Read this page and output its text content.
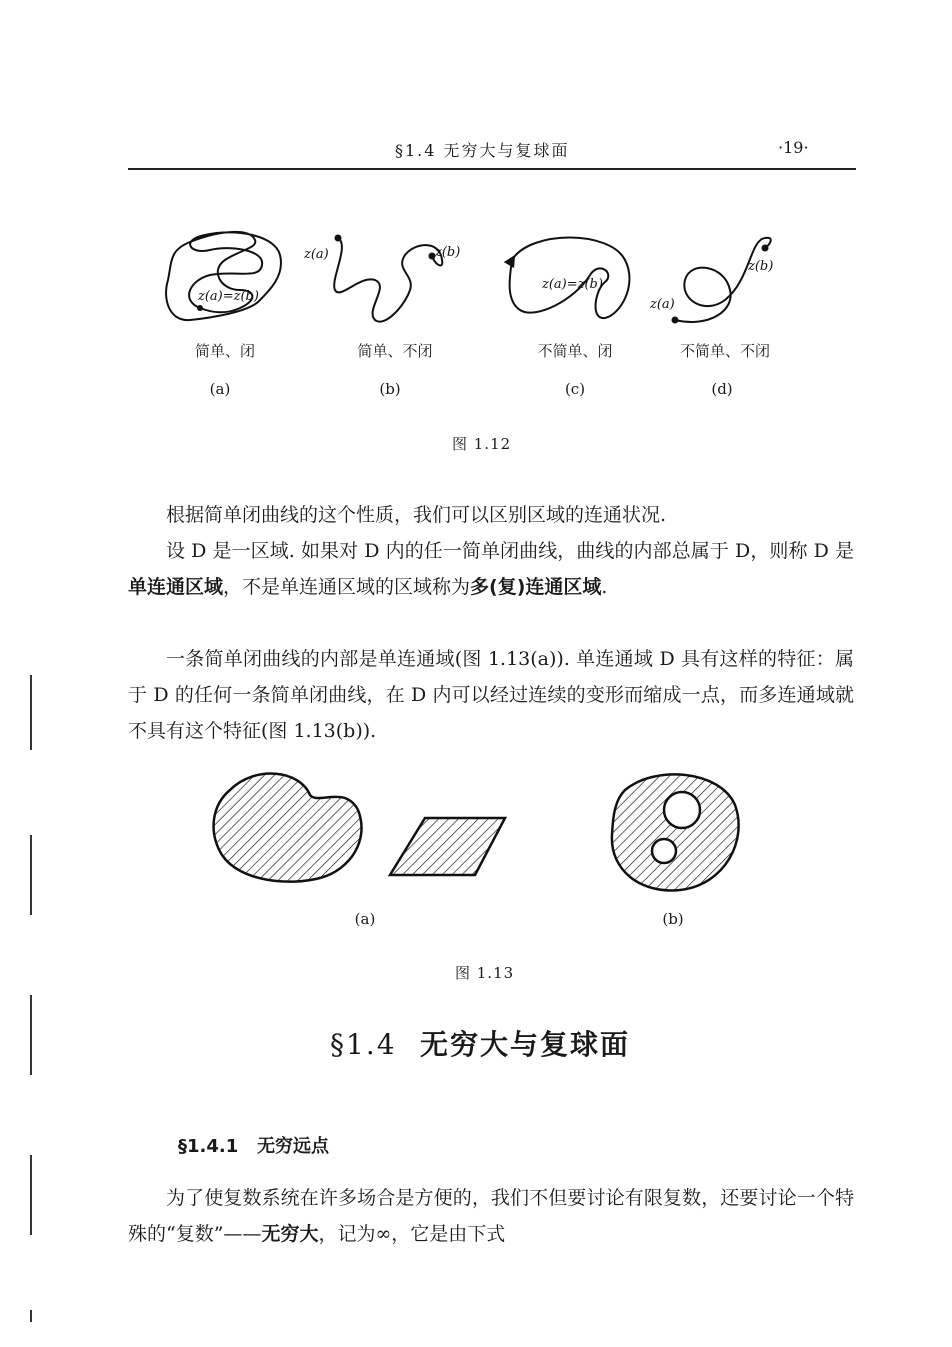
§1.4 无穷大与复球面	·19·
z(a)=z(b)
z(a)	z(b)
z(a)=z(b)
z(b)
z(a)
简单、闭	简单、不闭	不简单、闭	不简单、不闭
(a)	(b)	(c)	(d)
图 1.12
根据简单闭曲线的这个性质，我们可以区别区域的连通状况.
设 D 是一区域. 如果对 D 内的任一简单闭曲线，曲线的内部总属于 D，则称 D 是单连通区域，不是单连通区域的区域称为多(复)连通区域.
一条简单闭曲线的内部是单连通域(图 1.13(a)). 单连通域 D 具有这样的特征：属于 D 的任何一条简单闭曲线，在 D 内可以经过连续的变形而缩成一点，而多连通域就不具有这个特征(图 1.13(b)).
(a)	(b)
图 1.13
§1.4 无穷大与复球面
§1.4.1 无穷远点
为了使复数系统在许多场合是方便的，我们不但要讨论有限复数，还要讨论一个特殊的“复数”——无穷大，记为∞，它是由下式
